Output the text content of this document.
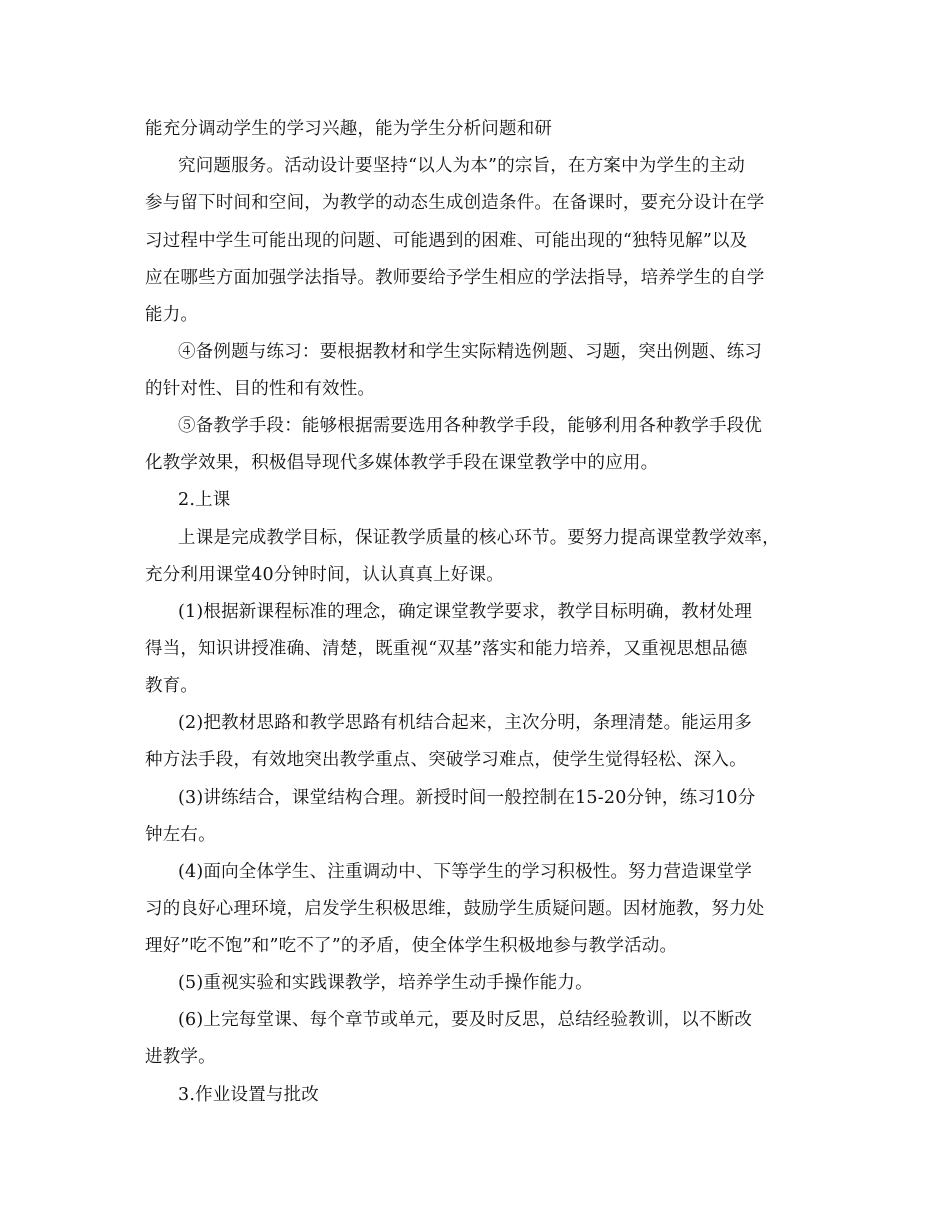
能充分调动学生的学习兴趣，能为学生分析问题和研
究问题服务。活动设计要坚持“以人为本”的宗旨，在方案中为学生的主动
参与留下时间和空间，为教学的动态生成创造条件。在备课时，要充分设计在学
习过程中学生可能出现的问题、可能遇到的困难、可能出现的“独特见解”以及
应在哪些方面加强学法指导。教师要给予学生相应的学法指导，培养学生的自学
能力。
④备例题与练习：要根据教材和学生实际精选例题、习题，突出例题、练习
的针对性、目的性和有效性。
⑤备教学手段：能够根据需要选用各种教学手段，能够利用各种教学手段优
化教学效果，积极倡导现代多媒体教学手段在课堂教学中的应用。
2.上课
上课是完成教学目标，保证教学质量的核心环节。要努力提高课堂教学效率，
充分利用课堂40分钟时间，认认真真上好课。
(1)根据新课程标准的理念，确定课堂教学要求，教学目标明确，教材处理
得当，知识讲授准确、清楚，既重视“双基”落实和能力培养，又重视思想品德
教育。
(2)把教材思路和教学思路有机结合起来，主次分明，条理清楚。能运用多
种方法手段，有效地突出教学重点、突破学习难点，使学生觉得轻松、深入。
(3)讲练结合，课堂结构合理。新授时间一般控制在15-20分钟，练习10分
钟左右。
(4)面向全体学生、注重调动中、下等学生的学习积极性。努力营造课堂学
习的良好心理环境，启发学生积极思维，鼓励学生质疑问题。因材施教，努力处
理好”吃不饱”和”吃不了”的矛盾，使全体学生积极地参与教学活动。
(5)重视实验和实践课教学，培养学生动手操作能力。
(6)上完每堂课、每个章节或单元，要及时反思，总结经验教训，以不断改
进教学。
3.作业设置与批改
